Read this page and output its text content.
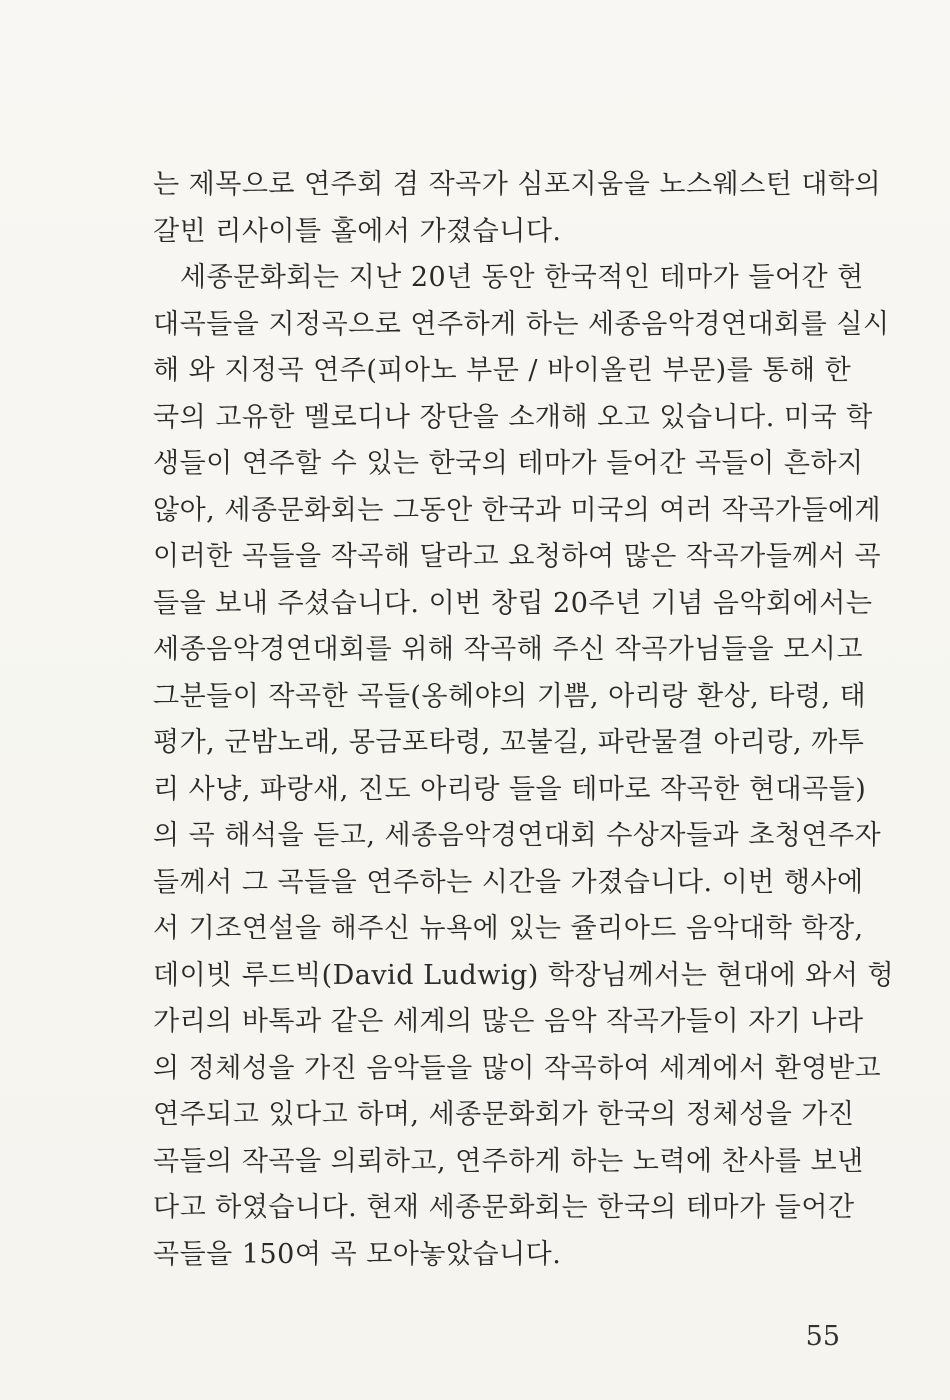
는 제목으로 연주회 겸 작곡가 심포지움을 노스웨스턴 대학의
갈빈 리사이틀 홀에서 가졌습니다.
세종문화회는 지난 20년 동안 한국적인 테마가 들어간 현
대곡들을 지정곡으로 연주하게 하는 세종음악경연대회를 실시
해 와 지정곡 연주(피아노 부문 / 바이올린 부문)를 통해 한
국의 고유한 멜로디나 장단을 소개해 오고 있습니다. 미국 학
생들이 연주할 수 있는 한국의 테마가 들어간 곡들이 흔하지
않아, 세종문화회는 그동안 한국과 미국의 여러 작곡가들에게
이러한 곡들을 작곡해 달라고 요청하여 많은 작곡가들께서 곡
들을 보내 주셨습니다. 이번 창립 20주년 기념 음악회에서는
세종음악경연대회를 위해 작곡해 주신 작곡가님들을 모시고
그분들이 작곡한 곡들(옹헤야의 기쁨, 아리랑 환상, 타령, 태
평가, 군밤노래, 몽금포타령, 꼬불길, 파란물결 아리랑, 까투
리 사냥, 파랑새, 진도 아리랑 들을 테마로 작곡한 현대곡들)
의 곡 해석을 듣고, 세종음악경연대회 수상자들과 초청연주자
들께서 그 곡들을 연주하는 시간을 가졌습니다. 이번 행사에
서 기조연설을 해주신 뉴욕에 있는 쥴리아드 음악대학 학장,
데이빗 루드빅(David Ludwig) 학장님께서는 현대에 와서 헝
가리의 바톡과 같은 세계의 많은 음악 작곡가들이 자기 나라
의 정체성을 가진 음악들을 많이 작곡하여 세계에서 환영받고
연주되고 있다고 하며, 세종문화회가 한국의 정체성을 가진
곡들의 작곡을 의뢰하고, 연주하게 하는 노력에 찬사를 보낸
다고 하였습니다. 현재 세종문화회는 한국의 테마가 들어간
곡들을 150여 곡 모아놓았습니다.
55
